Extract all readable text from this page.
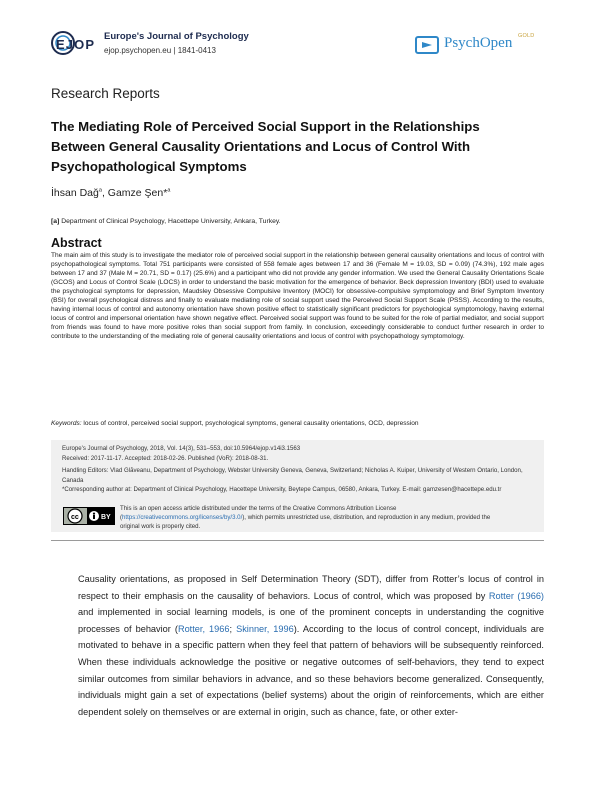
EJOP
Europe's Journal of Psychology
ejop.psychopen.eu | 1841-0413	PsychOpen GOLD
Research Reports
The Mediating Role of Perceived Social Support in the Relationships Between General Causality Orientations and Locus of Control With Psychopathological Symptoms
İhsan Dağ$^a$, Gamze Şen*$^a$
[a] Department of Clinical Psychology, Hacettepe University, Ankara, Turkey.
Abstract
The main aim of this study is to investigate the mediator role of perceived social support in the relationship between general causality orientations and locus of control with psychopathological symptoms. Total 751 participants were consisted of 558 female ages between 17 and 36 (Female M = 19.03, SD = 0.09) (74.3%), 192 male ages between 17 and 37 (Male M = 20.71, SD = 0.17) (25.6%) and a participant who did not provide any gender information. We used the General Causality Orientations Scale (GCOS) and Locus of Control Scale (LOCS) in order to understand the basic motivation for the emergence of behavior. Beck depression Inventory (BDI) used to evaluate the psychological symptoms for depression, Maudsley Obsessive Compulsive Inventory (MOCI) for obsessive-compulsive symptomology and Brief Symptom Inventory (BSI) for overall psychological distress and finally to evaluate mediating role of social support used the Perceived Social Support Scale (PSSS). According to the results, having internal locus of control and autonomy orientation have shown positive effect to statistically significant predictors for psychological symptomology, having external locus of control and impersonal orientation have shown negative effect. Perceived social support was found to be suited for the role of partial mediator, and social support from friends was found to have more positive roles than social support from family. In conclusion, exceedingly considerable to conduct further research in order to contribute to the understanding of the mediating role of general causality orientations and locus of control with psychopathology symptomology.
Keywords: locus of control, perceived social support, psychological symptoms, general causality orientations, OCD, depression
Europe's Journal of Psychology, 2018, Vol. 14(3), 531–553, doi:10.5964/ejop.v14i3.1563
Received: 2017-11-17. Accepted: 2018-02-26. Published (VoR): 2018-08-31.
Handling Editors: Vlad Glăveanu, Department of Psychology, Webster University Geneva, Geneva, Switzerland; Nicholas A. Kuiper, University of Western Ontario, London, Canada
*Corresponding author at: Department of Clinical Psychology, Hacettepe University, Beytepe Campus, 06580, Ankara, Turkey. E-mail: gamzesen@hacettepe.edu.tr
cc	BY
This is an open access article distributed under the terms of the Creative Commons Attribution License (https://creativecommons.org/licenses/by/3.0/), which permits unrestricted use, distribution, and reproduction in any medium, provided the original work is properly cited.
Causality orientations, as proposed in Self Determination Theory (SDT), differ from Rotter’s locus of control in respect to their emphasis on the causality of behaviors. Locus of control, which was proposed by Rotter (1966) and implemented in social learning models, is one of the prominent concepts in understanding the cognitive processes of behavior (Rotter, 1966; Skinner, 1996). According to the locus of control concept, individuals are motivated to behave in a specific pattern when they feel that pattern of behaviors will be subsequently reinforced. When these individuals acknowledge the positive or negative outcomes of self-behaviors, they tend to expect similar outcomes from similar behaviors in advance, and so these behaviors become generalized. Consequently, individuals might gain a set of expectations (belief systems) about the origin of reinforcements, which are either dependent solely on themselves or are external in origin, such as chance, fate, or other exter-
